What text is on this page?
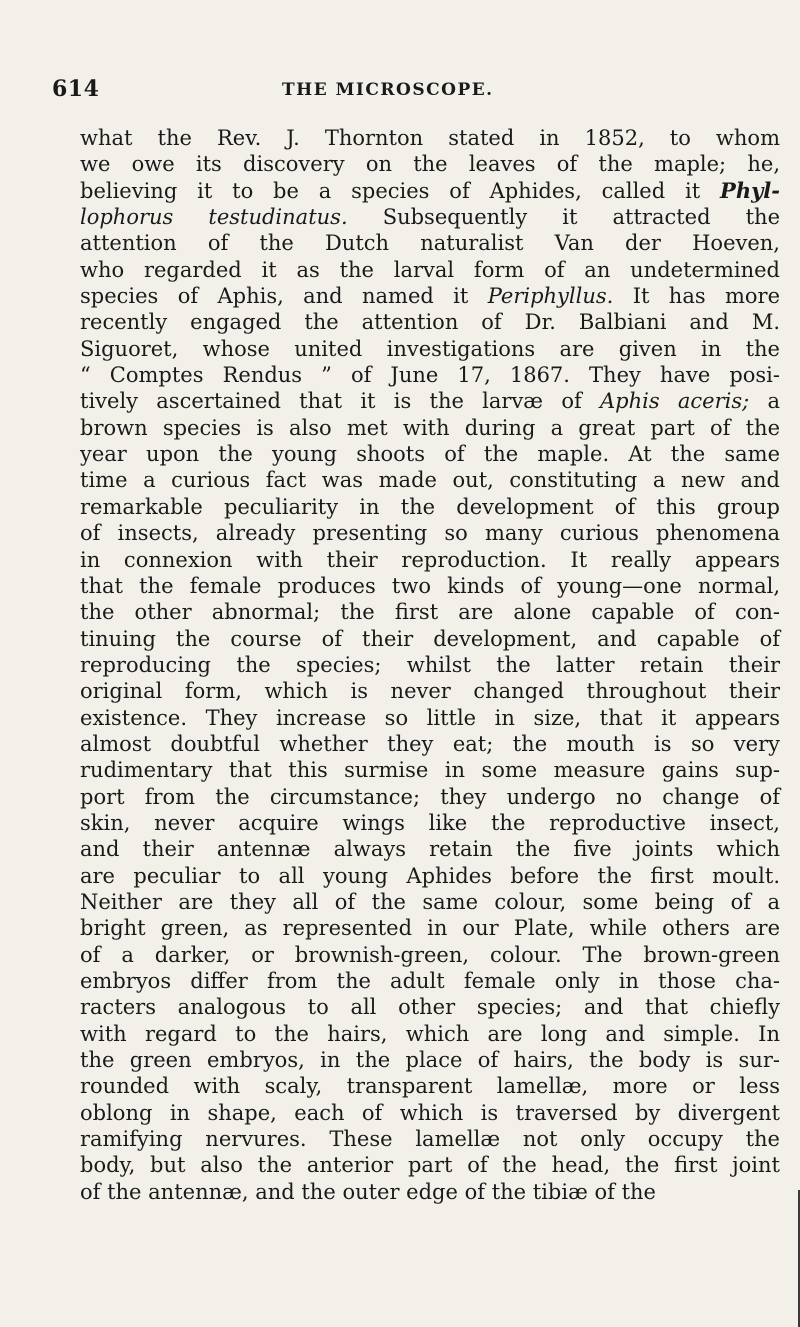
614	THE MICROSCOPE.
what the Rev. J. Thornton stated in 1852, to whom
we owe its discovery on the leaves of the maple; he,
believing it to be a species of Aphides, called it Phyl-
lophorus testudinatus. Subsequently it attracted the
attention of the Dutch naturalist Van der Hoeven,
who regarded it as the larval form of an undetermined
species of Aphis, and named it Periphyllus. It has more
recently engaged the attention of Dr. Balbiani and M.
Siguoret, whose united investigations are given in the
“ Comptes Rendus ” of June 17, 1867. They have posi-
tively ascertained that it is the larvæ of Aphis aceris; a
brown species is also met with during a great part of the
year upon the young shoots of the maple. At the same
time a curious fact was made out, constituting a new and
remarkable peculiarity in the development of this group
of insects, already presenting so many curious phenomena
in connexion with their reproduction. It really appears
that the female produces two kinds of young—one normal,
the other abnormal; the first are alone capable of con-
tinuing the course of their development, and capable of
reproducing the species; whilst the latter retain their
original form, which is never changed throughout their
existence. They increase so little in size, that it appears
almost doubtful whether they eat; the mouth is so very
rudimentary that this surmise in some measure gains sup-
port from the circumstance; they undergo no change of
skin, never acquire wings like the reproductive insect,
and their antennæ always retain the five joints which
are peculiar to all young Aphides before the first moult.
Neither are they all of the same colour, some being of a
bright green, as represented in our Plate, while others are
of a darker, or brownish-green, colour. The brown-green
embryos differ from the adult female only in those cha-
racters analogous to all other species; and that chiefly
with regard to the hairs, which are long and simple. In
the green embryos, in the place of hairs, the body is sur-
rounded with scaly, transparent lamellæ, more or less
oblong in shape, each of which is traversed by divergent
ramifying nervures. These lamellæ not only occupy the
body, but also the anterior part of the head, the first joint
of the antennæ, and the outer edge of the tibiæ of the
